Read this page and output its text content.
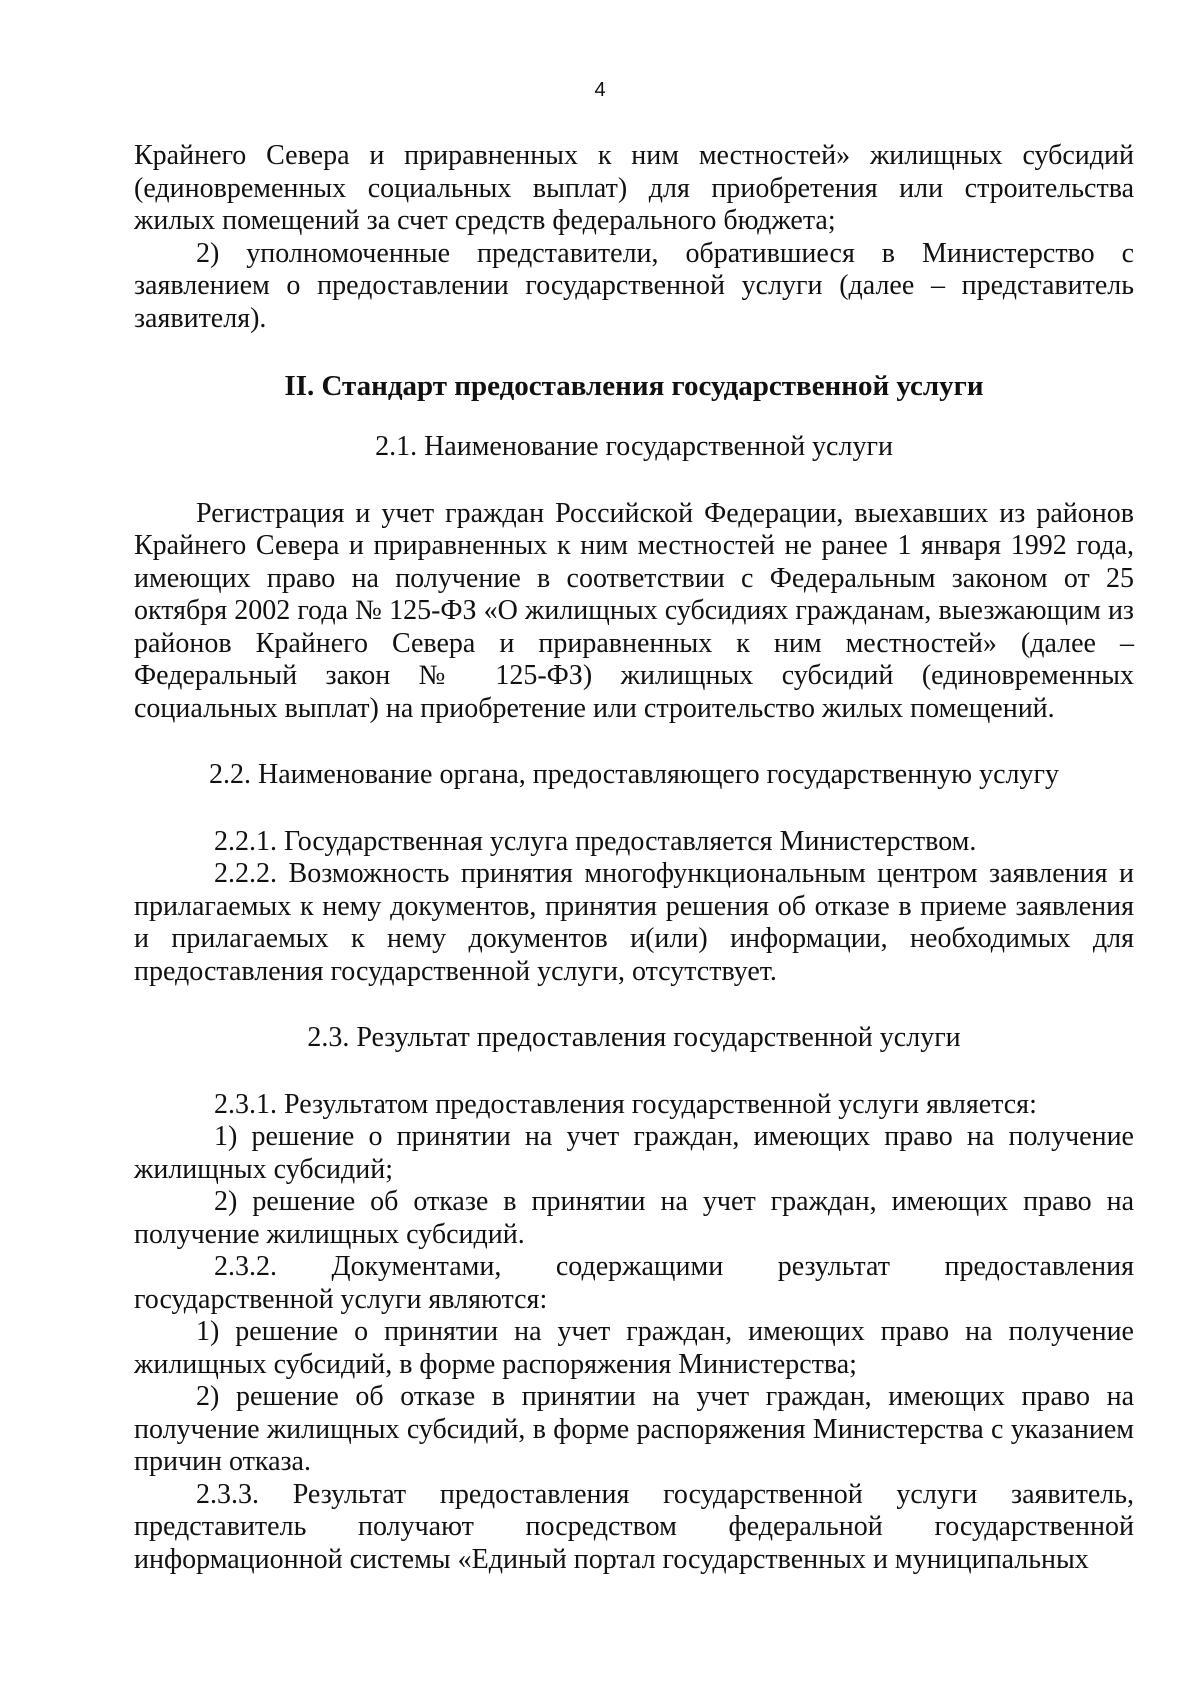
4

Крайнего Севера и приравненных к ним местностей» жилищных субсидий (единовременных социальных выплат) для приобретения или строительства жилых помещений за счет средств федерального бюджета;

2) уполномоченные представители, обратившиеся в Министерство с заявлением о предоставлении государственной услуги (далее – представитель заявителя).

II. Стандарт предоставления государственной услуги

2.1. Наименование государственной услуги

Регистрация и учет граждан Российской Федерации, выехавших из районов Крайнего Севера и приравненных к ним местностей не ранее 1 января 1992 года, имеющих право на получение в соответствии с Федеральным законом от 25 октября 2002 года № 125-ФЗ «О жилищных субсидиях гражданам, выезжающим из районов Крайнего Севера и приравненных к ним местностей» (далее – Федеральный закон № 125-ФЗ) жилищных субсидий (единовременных социальных выплат) на приобретение или строительство жилых помещений.

2.2. Наименование органа, предоставляющего государственную услугу

2.2.1. Государственная услуга предоставляется Министерством.

2.2.2. Возможность принятия многофункциональным центром заявления и прилагаемых к нему документов, принятия решения об отказе в приеме заявления и прилагаемых к нему документов и(или) информации, необходимых для предоставления государственной услуги, отсутствует.

2.3. Результат предоставления государственной услуги

2.3.1. Результатом предоставления государственной услуги является:

1) решение о принятии на учет граждан, имеющих право на получение жилищных субсидий;

2) решение об отказе в принятии на учет граждан, имеющих право на получение жилищных субсидий.

2.3.2. Документами, содержащими результат предоставления государственной услуги являются:

1) решение о принятии на учет граждан, имеющих право на получение жилищных субсидий, в форме распоряжения Министерства;

2) решение об отказе в принятии на учет граждан, имеющих право на получение жилищных субсидий, в форме распоряжения Министерства с указанием причин отказа.

2.3.3. Результат предоставления государственной услуги заявитель, представитель получают посредством федеральной государственной информационной системы «Единый портал государственных и муниципальных
